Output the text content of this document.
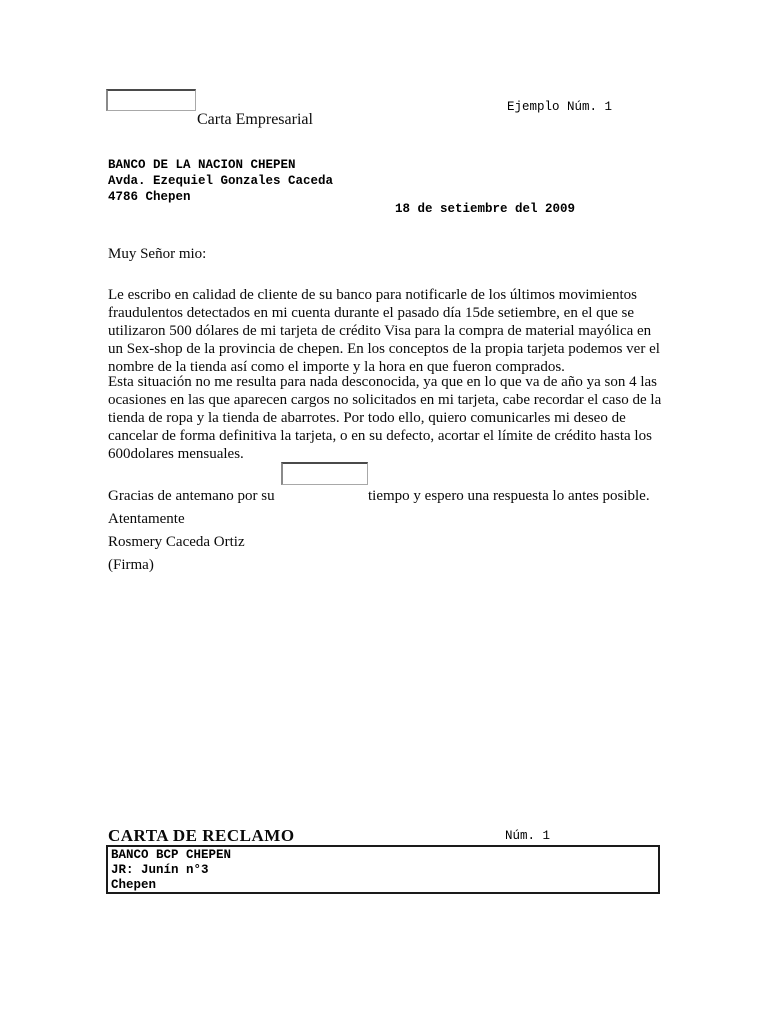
Carta Empresarial
Ejemplo Núm. 1
BANCO DE LA NACION CHEPEN
Avda. Ezequiel Gonzales Caceda
4786 Chepen
18 de setiembre del 2009
Muy Señor mio:
Le escribo en calidad de cliente de su banco para notificarle de los últimos movimientos fraudulentos detectados en mi cuenta durante el pasado día 15de setiembre, en el que se utilizaron 500 dólares de mi tarjeta de crédito Visa para la compra de material mayólica en un Sex-shop de la provincia de chepen. En los conceptos de la propia tarjeta podemos ver el nombre de la tienda así como el importe y la hora en que fueron comprados.
Esta situación no me resulta para nada desconocida, ya que en lo que va de año ya son 4 las ocasiones en las que aparecen cargos no solicitados en mi tarjeta, cabe recordar el caso de la tienda de ropa y la tienda de abarrotes. Por todo ello, quiero comunicarles mi deseo de cancelar de forma definitiva la tarjeta, o en su defecto, acortar el límite de crédito hasta los 600dolares mensuales.
Gracias de antemano por su	tiempo y espero una respuesta lo antes posible.
Atentamente
Rosmery Caceda Ortiz
(Firma)
CARTA DE RECLAMO	Núm. 1
BANCO BCP CHEPEN
JR: Junín n°3
Chepen
